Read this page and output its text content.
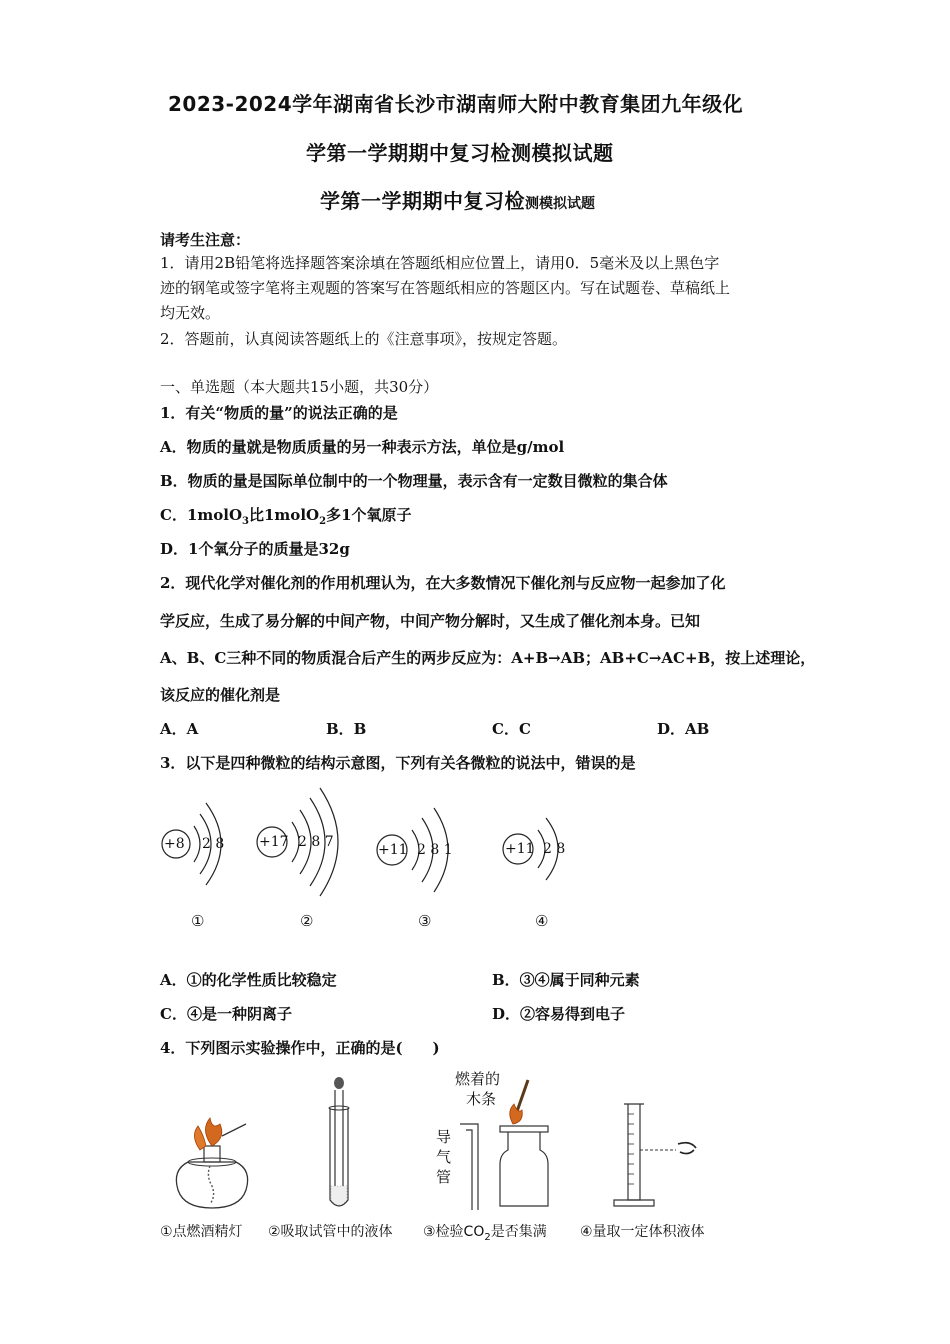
2023-2024学年湖南省长沙市湖南师大附中教育集团九年级化
学第一学期期中复习检测模拟试题
学第一学期期中复习检测模拟试题
请考生注意：
1．请用2B铅笔将选择题答案涂填在答题纸相应位置上，请用0．5毫米及以上黑色字
迹的钢笔或签字笔将主观题的答案写在答题纸相应的答题区内。写在试题卷、草稿纸上
均无效。
2．答题前，认真阅读答题纸上的《注意事项》，按规定答题。
一、单选题（本大题共15小题，共30分）
1．有关“物质的量”的说法正确的是
A．物质的量就是物质质量的另一种表示方法，单位是g/mol
B．物质的量是国际单位制中的一个物理量，表示含有一定数目微粒的集合体
C．1molO$_3$比1molO$_2$多1个氧原子
D．1个氧分子的质量是32g
2．现代化学对催化剂的作用机理认为，在大多数情况下催化剂与反应物一起参加了化
学反应，生成了易分解的中间产物，中间产物分解时，又生成了催化剂本身。已知
A、B、C三种不同的物质混合后产生的两步反应为：A+B→AB；AB+C→AC+B，按上述理论，
该反应的催化剂是
A．A	B．B	C．C	D．AB
3．以下是四种微粒的结构示意图，下列有关各微粒的说法中，错误的是
+8 2 8
①
+17 2 8 7
②
+11 2 8 1
③
+11 2 8
④
A．①的化学性质比较稳定	B．③④属于同种元素
C．④是一种阴离子	D．②容易得到电子
4．下列图示实验操作中，正确的是(　　)
燃着的
木条
导
气
管
①点燃酒精灯 ②吸取试管中的液体 ③检验$CO_2$是否集满 ④量取一定体积液体
